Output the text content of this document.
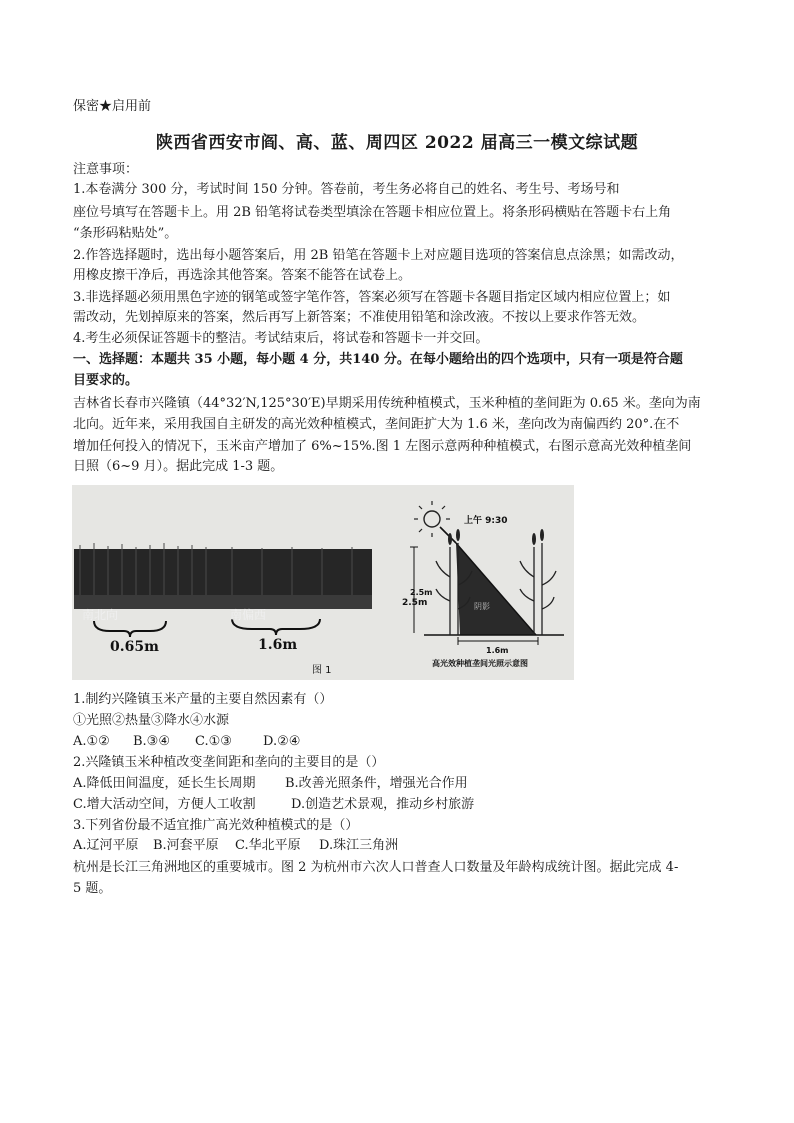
保密★启用前
陕西省西安市阎、高、蓝、周四区 2022 届高三一模文综试题
注意事项：
1.本卷满分 300 分，考试时间 150 分钟。答卷前，考生务必将自己的姓名、考生号、考场号和
座位号填写在答题卡上。用 2B 铅笔将试卷类型填涂在答题卡相应位置上。将条形码横贴在答题卡右上角
“条形码粘贴处”。
2.作答选择题时，选出每小题答案后，用 2B 铅笔在答题卡上对应题目选项的答案信息点涂黑；如需改动，
用橡皮擦干净后，再选涂其他答案。答案不能答在试卷上。
3.非选择题必须用黑色字迹的钢笔或签字笔作答，答案必须写在答题卡各题目指定区域内相应位置上；如
需改动，先划掉原来的答案，然后再写上新答案；不准使用铅笔和涂改液。不按以上要求作答无效。
4.考生必须保证答题卡的整洁。考试结束后，将试卷和答题卡一并交回。
一、选择题：本题共 35 小题，每小题 4 分，共140 分。在每小题给出的四个选项中，只有一项是符合题
目要求的。
吉林省长春市兴隆镇（44°32′N,125°30′E)早期采用传统种植模式，玉米种植的垄间距为 0.65 米。垄向为南
北向。近年来，采用我国自主研发的高光效种植模式，垄间距扩大为 1.6 米，垄向改为南偏西约 20°.在不
增加任何投入的情况下，玉米亩产增加了 6%~15%.图 1 左图示意两种种植模式，右图示意高光效种植垄间
日照（6~9 月）。据此完成 1-3 题。
南北向	南偏西
0.65m	1.6m
上午 9:30
2.5m
2.5m	阴影
1.6m
高光效种植垄间光照示意图
图 1
1.制约兴隆镇玉米产量的主要自然因素有（）
①光照②热量③降水④水源
A.①② B.③④ C.①③ D.②④
2.兴隆镇玉米种植改变垄间距和垄向的主要目的是（）
A.降低田间温度，延长生长周期 B.改善光照条件，增强光合作用
C.增大活动空间，方便人工收割	D.创造艺术景观，推动乡村旅游
3.下列省份最不适宜推广高光效种植模式的是（）
A.辽河平原 B.河套平原 C.华北平原 D.珠江三角洲
杭州是长江三角洲地区的重要城市。图 2 为杭州市六次人口普查人口数量及年龄构成统计图。据此完成 4-
5 题。
